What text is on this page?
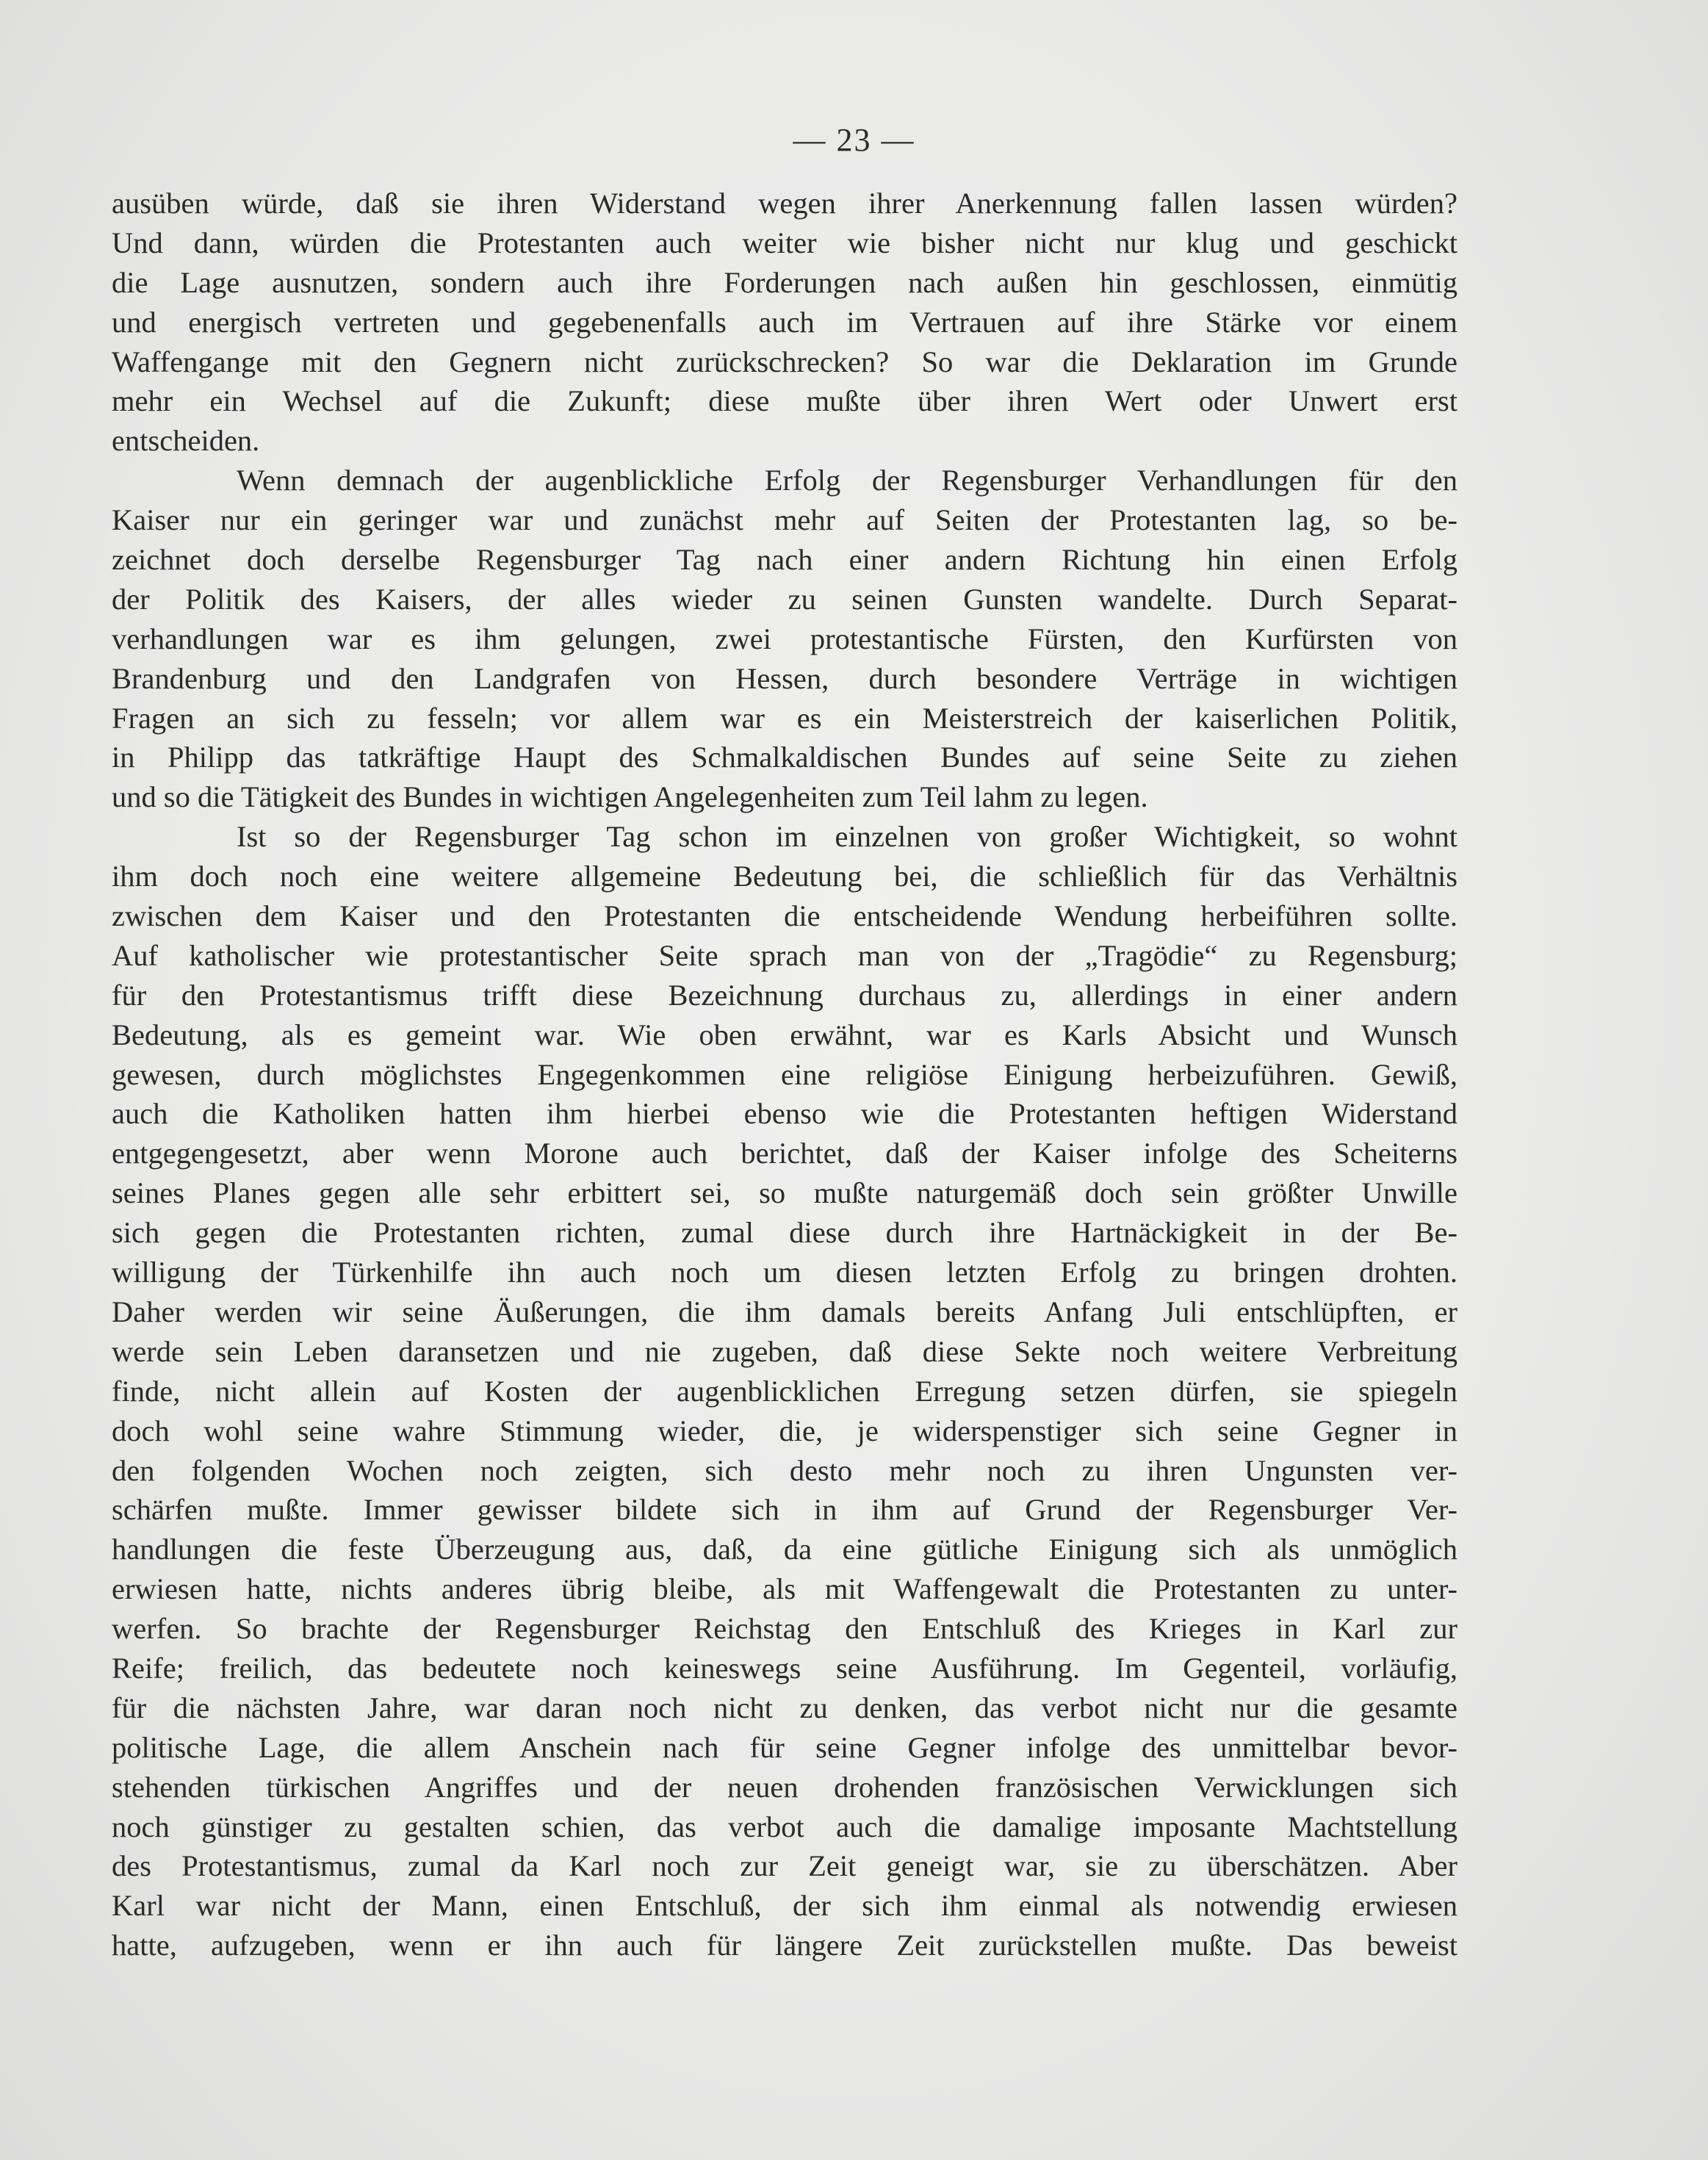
— 23 —
ausüben würde, daß sie ihren Widerstand wegen ihrer Anerkennung fallen lassen würden?
Und dann, würden die Protestanten auch weiter wie bisher nicht nur klug und geschickt
die Lage ausnutzen, sondern auch ihre Forderungen nach außen hin geschlossen, einmütig
und energisch vertreten und gegebenenfalls auch im Vertrauen auf ihre Stärke vor einem
Waffengange mit den Gegnern nicht zurückschrecken? So war die Deklaration im Grunde
mehr ein Wechsel auf die Zukunft; diese mußte über ihren Wert oder Unwert erst
entscheiden.
Wenn demnach der augenblickliche Erfolg der Regensburger Verhandlungen für den
Kaiser nur ein geringer war und zunächst mehr auf Seiten der Protestanten lag, so be-
zeichnet doch derselbe Regensburger Tag nach einer andern Richtung hin einen Erfolg
der Politik des Kaisers, der alles wieder zu seinen Gunsten wandelte. Durch Separat-
verhandlungen war es ihm gelungen, zwei protestantische Fürsten, den Kurfürsten von
Brandenburg und den Landgrafen von Hessen, durch besondere Verträge in wichtigen
Fragen an sich zu fesseln; vor allem war es ein Meisterstreich der kaiserlichen Politik,
in Philipp das tatkräftige Haupt des Schmalkaldischen Bundes auf seine Seite zu ziehen
und so die Tätigkeit des Bundes in wichtigen Angelegenheiten zum Teil lahm zu legen.
Ist so der Regensburger Tag schon im einzelnen von großer Wichtigkeit, so wohnt
ihm doch noch eine weitere allgemeine Bedeutung bei, die schließlich für das Verhältnis
zwischen dem Kaiser und den Protestanten die entscheidende Wendung herbeiführen sollte.
Auf katholischer wie protestantischer Seite sprach man von der „Tragödie“ zu Regensburg;
für den Protestantismus trifft diese Bezeichnung durchaus zu, allerdings in einer andern
Bedeutung, als es gemeint war. Wie oben erwähnt, war es Karls Absicht und Wunsch
gewesen, durch möglichstes Engegenkommen eine religiöse Einigung herbeizuführen. Gewiß,
auch die Katholiken hatten ihm hierbei ebenso wie die Protestanten heftigen Widerstand
entgegengesetzt, aber wenn Morone auch berichtet, daß der Kaiser infolge des Scheiterns
seines Planes gegen alle sehr erbittert sei, so mußte naturgemäß doch sein größter Unwille
sich gegen die Protestanten richten, zumal diese durch ihre Hartnäckigkeit in der Be-
willigung der Türkenhilfe ihn auch noch um diesen letzten Erfolg zu bringen drohten.
Daher werden wir seine Äußerungen, die ihm damals bereits Anfang Juli entschlüpften, er
werde sein Leben daransetzen und nie zugeben, daß diese Sekte noch weitere Verbreitung
finde, nicht allein auf Kosten der augenblicklichen Erregung setzen dürfen, sie spiegeln
doch wohl seine wahre Stimmung wieder, die, je widerspenstiger sich seine Gegner in
den folgenden Wochen noch zeigten, sich desto mehr noch zu ihren Ungunsten ver-
schärfen mußte. Immer gewisser bildete sich in ihm auf Grund der Regensburger Ver-
handlungen die feste Überzeugung aus, daß, da eine gütliche Einigung sich als unmöglich
erwiesen hatte, nichts anderes übrig bleibe, als mit Waffengewalt die Protestanten zu unter-
werfen. So brachte der Regensburger Reichstag den Entschluß des Krieges in Karl zur
Reife; freilich, das bedeutete noch keineswegs seine Ausführung. Im Gegenteil, vorläufig,
für die nächsten Jahre, war daran noch nicht zu denken, das verbot nicht nur die gesamte
politische Lage, die allem Anschein nach für seine Gegner infolge des unmittelbar bevor-
stehenden türkischen Angriffes und der neuen drohenden französischen Verwicklungen sich
noch günstiger zu gestalten schien, das verbot auch die damalige imposante Machtstellung
des Protestantismus, zumal da Karl noch zur Zeit geneigt war, sie zu überschätzen. Aber
Karl war nicht der Mann, einen Entschluß, der sich ihm einmal als notwendig erwiesen
hatte, aufzugeben, wenn er ihn auch für längere Zeit zurückstellen mußte. Das beweist
